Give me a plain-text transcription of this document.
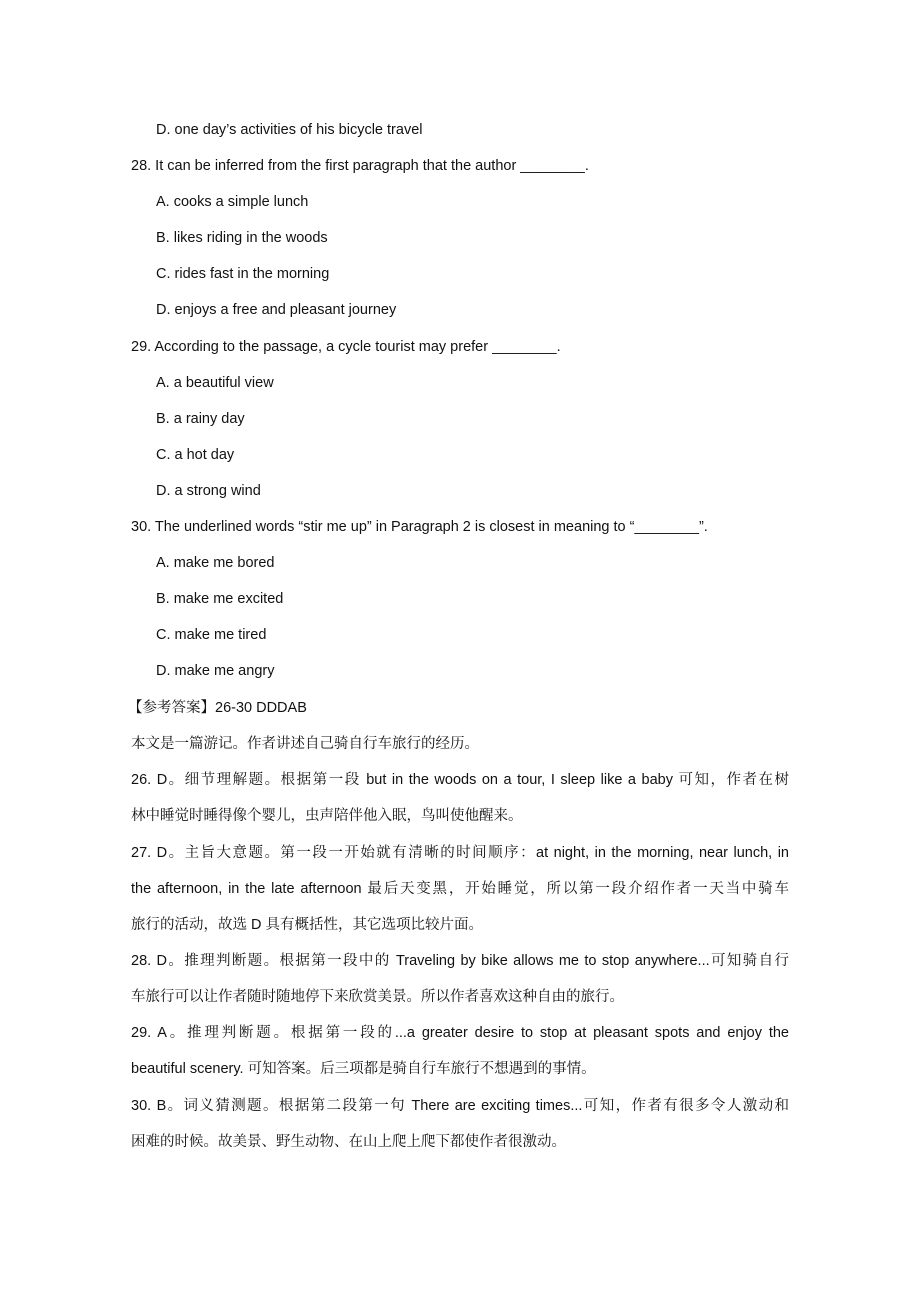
D. one day’s activities of his bicycle travel
28. It can be inferred from the first paragraph that the author ________.
A. cooks a simple lunch
B. likes riding in the woods
C. rides fast in the morning
D. enjoys a free and pleasant journey
29. According to the passage, a cycle tourist may prefer ________.
A. a beautiful view
B. a rainy day
C. a hot day
D. a strong wind
30. The underlined words “stir me up” in Paragraph 2 is closest in meaning to “________”.
A. make me bored
B. make me excited
C. make me tired
D. make me angry
【参考答案】26-30 DDDAB
本文是一篇游记。作者讲述自己骑自行车旅行的经历。
26. D。细节理解题。根据第一段 but in the woods on a tour, I sleep like a baby 可知，作者在树
林中睡觉时睡得像个婴儿，虫声陪伴他入眠，鸟叫使他醒来。
27. D。主旨大意题。第一段一开始就有清晰的时间顺序：at night, in the morning, near lunch, in
the afternoon, in the late afternoon 最后天变黑，开始睡觉，所以第一段介绍作者一天当中骑车
旅行的活动，故选 D 具有概括性，其它选项比较片面。
28. D。推理判断题。根据第一段中的 Traveling by bike allows me to stop anywhere...可知骑自行
车旅行可以让作者随时随地停下来欣赏美景。所以作者喜欢这种自由的旅行。
29. A。推理判断题。根据第一段的...a greater desire to stop at pleasant spots and enjoy the
beautiful scenery. 可知答案。后三项都是骑自行车旅行不想遇到的事情。
30. B。词义猜测题。根据第二段第一句 There are exciting times...可知，作者有很多令人激动和
困难的时候。故美景、野生动物、在山上爬上爬下都使作者很激动。
